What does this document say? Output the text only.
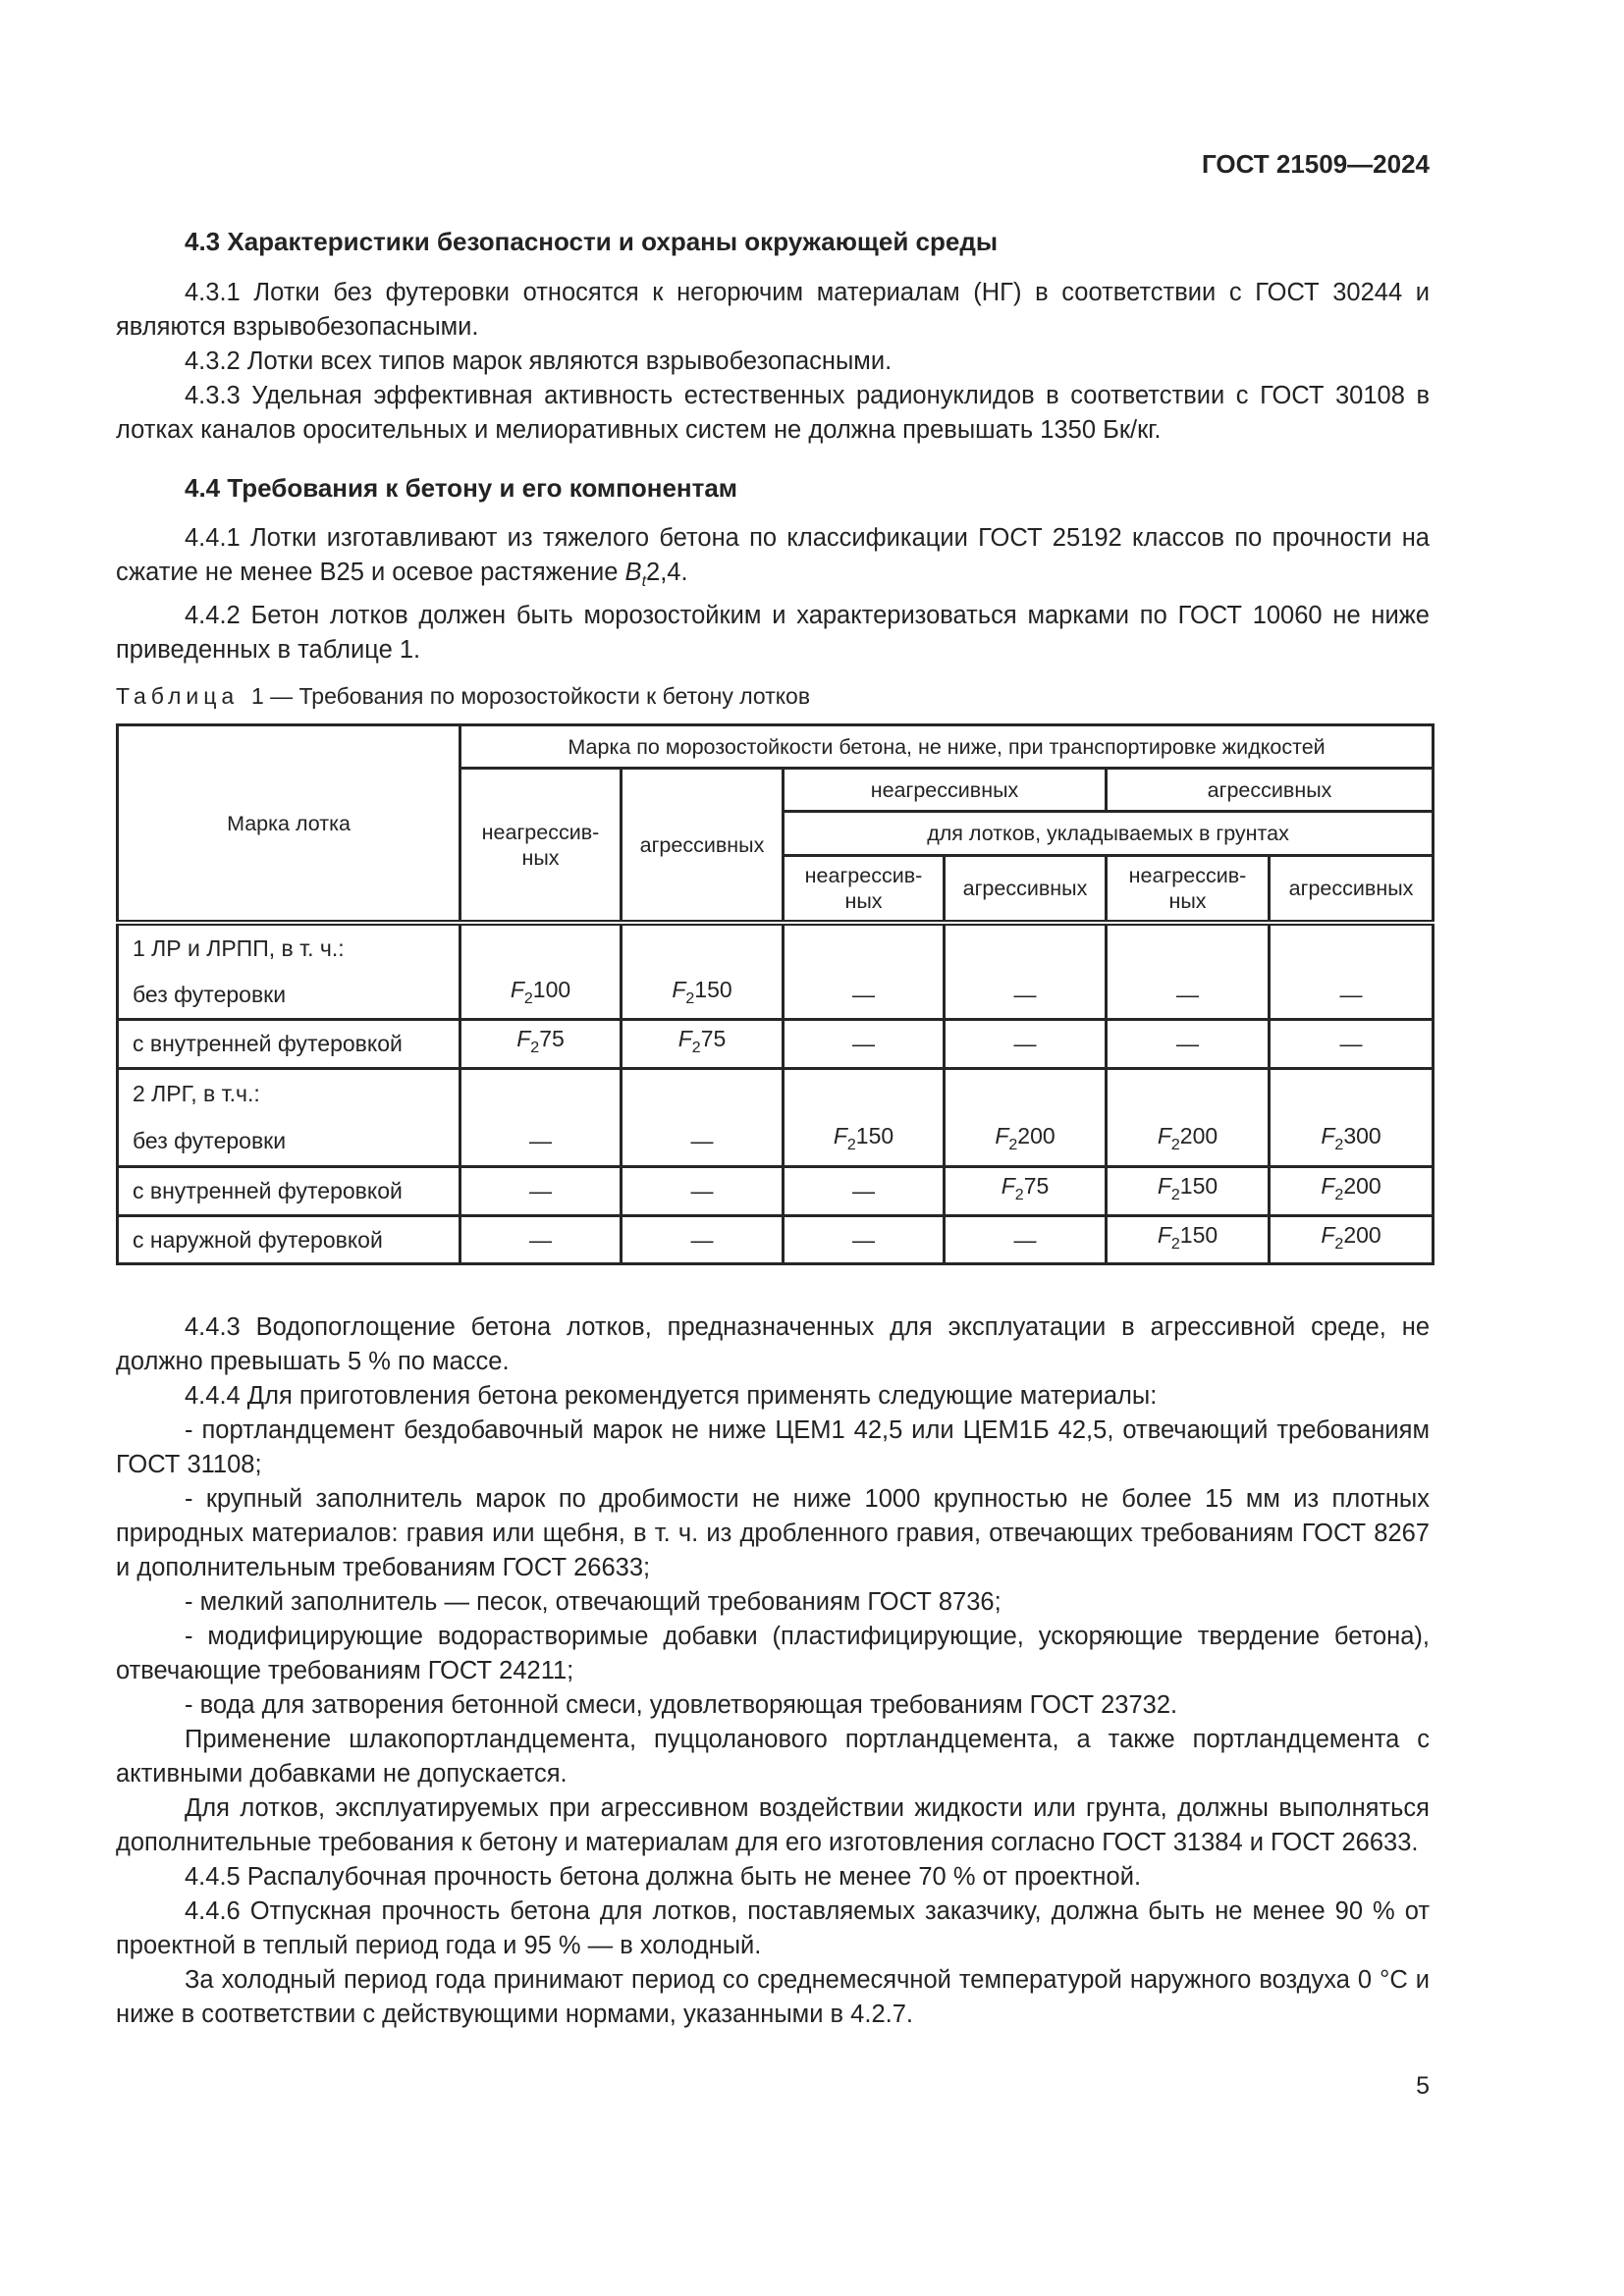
ГОСТ 21509—2024
4.3 Характеристики безопасности и охраны окружающей среды

4.3.1 Лотки без футеровки относятся к негорючим материалам (НГ) в соответствии с ГОСТ 30244 и являются взрывобезопасными.

4.3.2 Лотки всех типов марок являются взрывобезопасными.

4.3.3 Удельная эффективная активность естественных радионуклидов в соответствии с ГОСТ 30108 в лотках каналов оросительных и мелиоративных систем не должна превышать 1350 Бк/кг.

4.4 Требования к бетону и его компонентам

4.4.1 Лотки изготавливают из тяжелого бетона по классификации ГОСТ 25192 классов по прочности на сжатие не менее В25 и осевое растяжение $B_t2,4$.

4.4.2 Бетон лотков должен быть морозостойким и характеризоваться марками по ГОСТ 10060 не ниже приведенных в таблице 1.

Таблица 1 — Требования по морозостойкости к бетону лотков
Марка лотка	Марка по морозостойкости бетона, не ниже, при транспортировке жидкостей					
	неагрессив-ных	агрессивных	неагрессивных		агрессивных	
			для лотков, укладываемых в грунтах			
			неагрессив-ных	агрессивных	неагрессив-ных	агрессивных
1 ЛР и ЛРПП, в т. ч.:						
без футеровки	$F_2100$	$F_2150$	—	—	—	—
с внутренней футеровкой	$F_275$	$F_275$	—	—	—	—
2 ЛРГ, в т.ч.:						
без футеровки	—	—	$F_2150$	$F_2200$	$F_2200$	$F_2300$
с внутренней футеровкой	—	—	—	$F_275$	$F_2150$	$F_2200$
с наружной футеровкой	—	—	—	—	$F_2150$	$F_2200$

4.4.3 Водопоглощение бетона лотков, предназначенных для эксплуатации в агрессивной среде, не должно превышать 5 % по массе.

4.4.4 Для приготовления бетона рекомендуется применять следующие материалы:

- портландцемент бездобавочный марок не ниже ЦЕМ1 42,5 или ЦЕМ1Б 42,5, отвечающий требованиям ГОСТ 31108;

- крупный заполнитель марок по дробимости не ниже 1000 крупностью не более 15 мм из плотных природных материалов: гравия или щебня, в т. ч. из дробленного гравия, отвечающих требованиям ГОСТ 8267 и дополнительным требованиям ГОСТ 26633;

- мелкий заполнитель — песок, отвечающий требованиям ГОСТ 8736;

- модифицирующие водорастворимые добавки (пластифицирующие, ускоряющие твердение бетона), отвечающие требованиям ГОСТ 24211;

- вода для затворения бетонной смеси, удовлетворяющая требованиям ГОСТ 23732.

Применение шлакопортландцемента, пуццоланового портландцемента, а также портландцемента с активными добавками не допускается.

Для лотков, эксплуатируемых при агрессивном воздействии жидкости или грунта, должны выполняться дополнительные требования к бетону и материалам для его изготовления согласно ГОСТ 31384 и ГОСТ 26633.

4.4.5 Распалубочная прочность бетона должна быть не менее 70 % от проектной.

4.4.6 Отпускная прочность бетона для лотков, поставляемых заказчику, должна быть не менее 90 % от проектной в теплый период года и 95 % — в холодный.

За холодный период года принимают период со среднемесячной температурой наружного воздуха 0 °С и ниже в соответствии с действующими нормами, указанными в 4.2.7.

5
